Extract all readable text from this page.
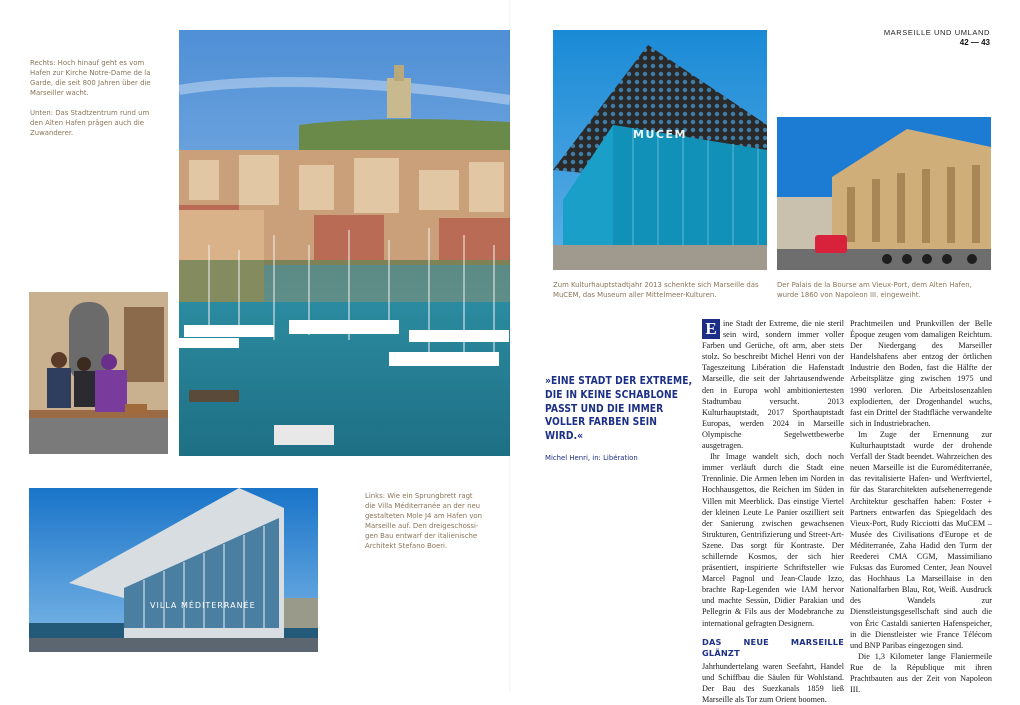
Rechts: Hoch hinauf geht es vom
Hafen zur Kirche Notre-Dame de la
Garde, die seit 800 Jahren über die
Marseiller wacht.
Unten: Das Stadtzentrum rund um
den Alten Hafen prägen auch die
Zuwanderer.
VILLA MÉDITERRANÉE
Links: Wie ein Sprungbrett ragt
die Villa Méditerranée an der neu
gestalteten Mole J4 am Hafen von
Marseille auf. Den dreigeschossi-
gen Bau entwarf der italienische
Architekt Stefano Boeri.
MUCEM
Zum Kulturhauptstadtjahr 2013 schenkte sich Marseille das MuCEM, das Museum aller Mittelmeer-Kulturen.
Der Palais de la Bourse am Vieux-Port, dem Alten Hafen, wurde 1860 von Napoleon III. eingeweiht.
MARSEILLE UND UMLAND
42 — 43
»EINE STADT DER EXTREME,
DIE IN KEINE SCHABLONE
PASST UND DIE IMMER
VOLLER FARBEN SEIN WIRD.«
Michel Henri, in: Libération

E ine Stadt der Extreme, die nie steril sein wird, sondern immer voller Farben und Gerüche, oft arm, aber stets stolz. So beschreibt Michel Henri von der Tageszeitung Libération die Hafenstadt Marseille, die seit der Jahrtausendwende den in Europa wohl ambitioniertesten Stadtumbau versucht. 2013 Kulturhauptstadt, 2017 Sporthauptstadt Europas, werden 2024 in Marseille Olympische Segelwettbewerbe ausgetragen.

Ihr Image wandelt sich, doch noch immer verläuft durch die Stadt eine Trennlinie. Die Armen leben im Norden in Hochhausgettos, die Reichen im Süden in Villen mit Meerblick. Das einstige Viertel der kleinen Leute Le Panier oszilliert seit der Sanierung zwischen gewachsenen Strukturen, Gentrifizierung und Street-Art-Szene. Das sorgt für Kontraste. Der schillernde Kosmos, der sich hier präsentiert, inspirierte Schriftsteller wie Marcel Pagnol und Jean-Claude Izzo, brachte Rap-Legenden wie IAM hervor und machte Sessùn, Didier Parakian und Pellegrin & Fils aus der Modebranche zu international gefragten Designern.

DAS NEUE MARSEILLE GLÄNZT

Jahrhundertelang waren Seefahrt, Handel und Schiffbau die Säulen für Wohlstand. Der Bau des Suezkanals 1859 ließ Marseille als Tor zum Orient boomen.

Prachtmeilen und Prunkvillen der Belle Époque zeugen vom damaligen Reichtum. Der Niedergang des Marseiller Handelshafens aber entzog der örtlichen Industrie den Boden, fast die Hälfte der Arbeitsplätze ging zwischen 1975 und 1990 verloren. Die Arbeitslosenzahlen explodierten, der Drogenhandel wuchs, fast ein Drittel der Stadtfläche verwandelte sich in Industriebrachen.

Im Zuge der Ernennung zur Kulturhauptstadt wurde der drohende Verfall der Stadt beendet. Wahrzeichen des neuen Marseille ist die Euroméditerranée, das revitalisierte Hafen- und Werftviertel, für das Stararchitekten aufsehenerregende Architektur geschaffen haben: Foster + Partners entwarfen das Spiegeldach des Vieux-Port, Rudy Ricciotti das MuCEM – Musée des Civilisations d'Europe et de Méditerranée, Zaha Hadid den Turm der Reederei CMA CGM, Massimiliano Fuksas das Euromed Center, Jean Nouvel das Hochhaus La Marseillaise in den Nationalfarben Blau, Rot, Weiß. Ausdruck des Wandels zur Dienstleistungsgesellschaft sind auch die von Éric Castaldi sanierten Hafenspeicher, in die Dienstleister wie France Télécom und BNP Paribas eingezogen sind.

Die 1,3 Kilometer lange Flaniermeile Rue de la République mit ihren Prachtbauten aus der Zeit von Napoleon III.
